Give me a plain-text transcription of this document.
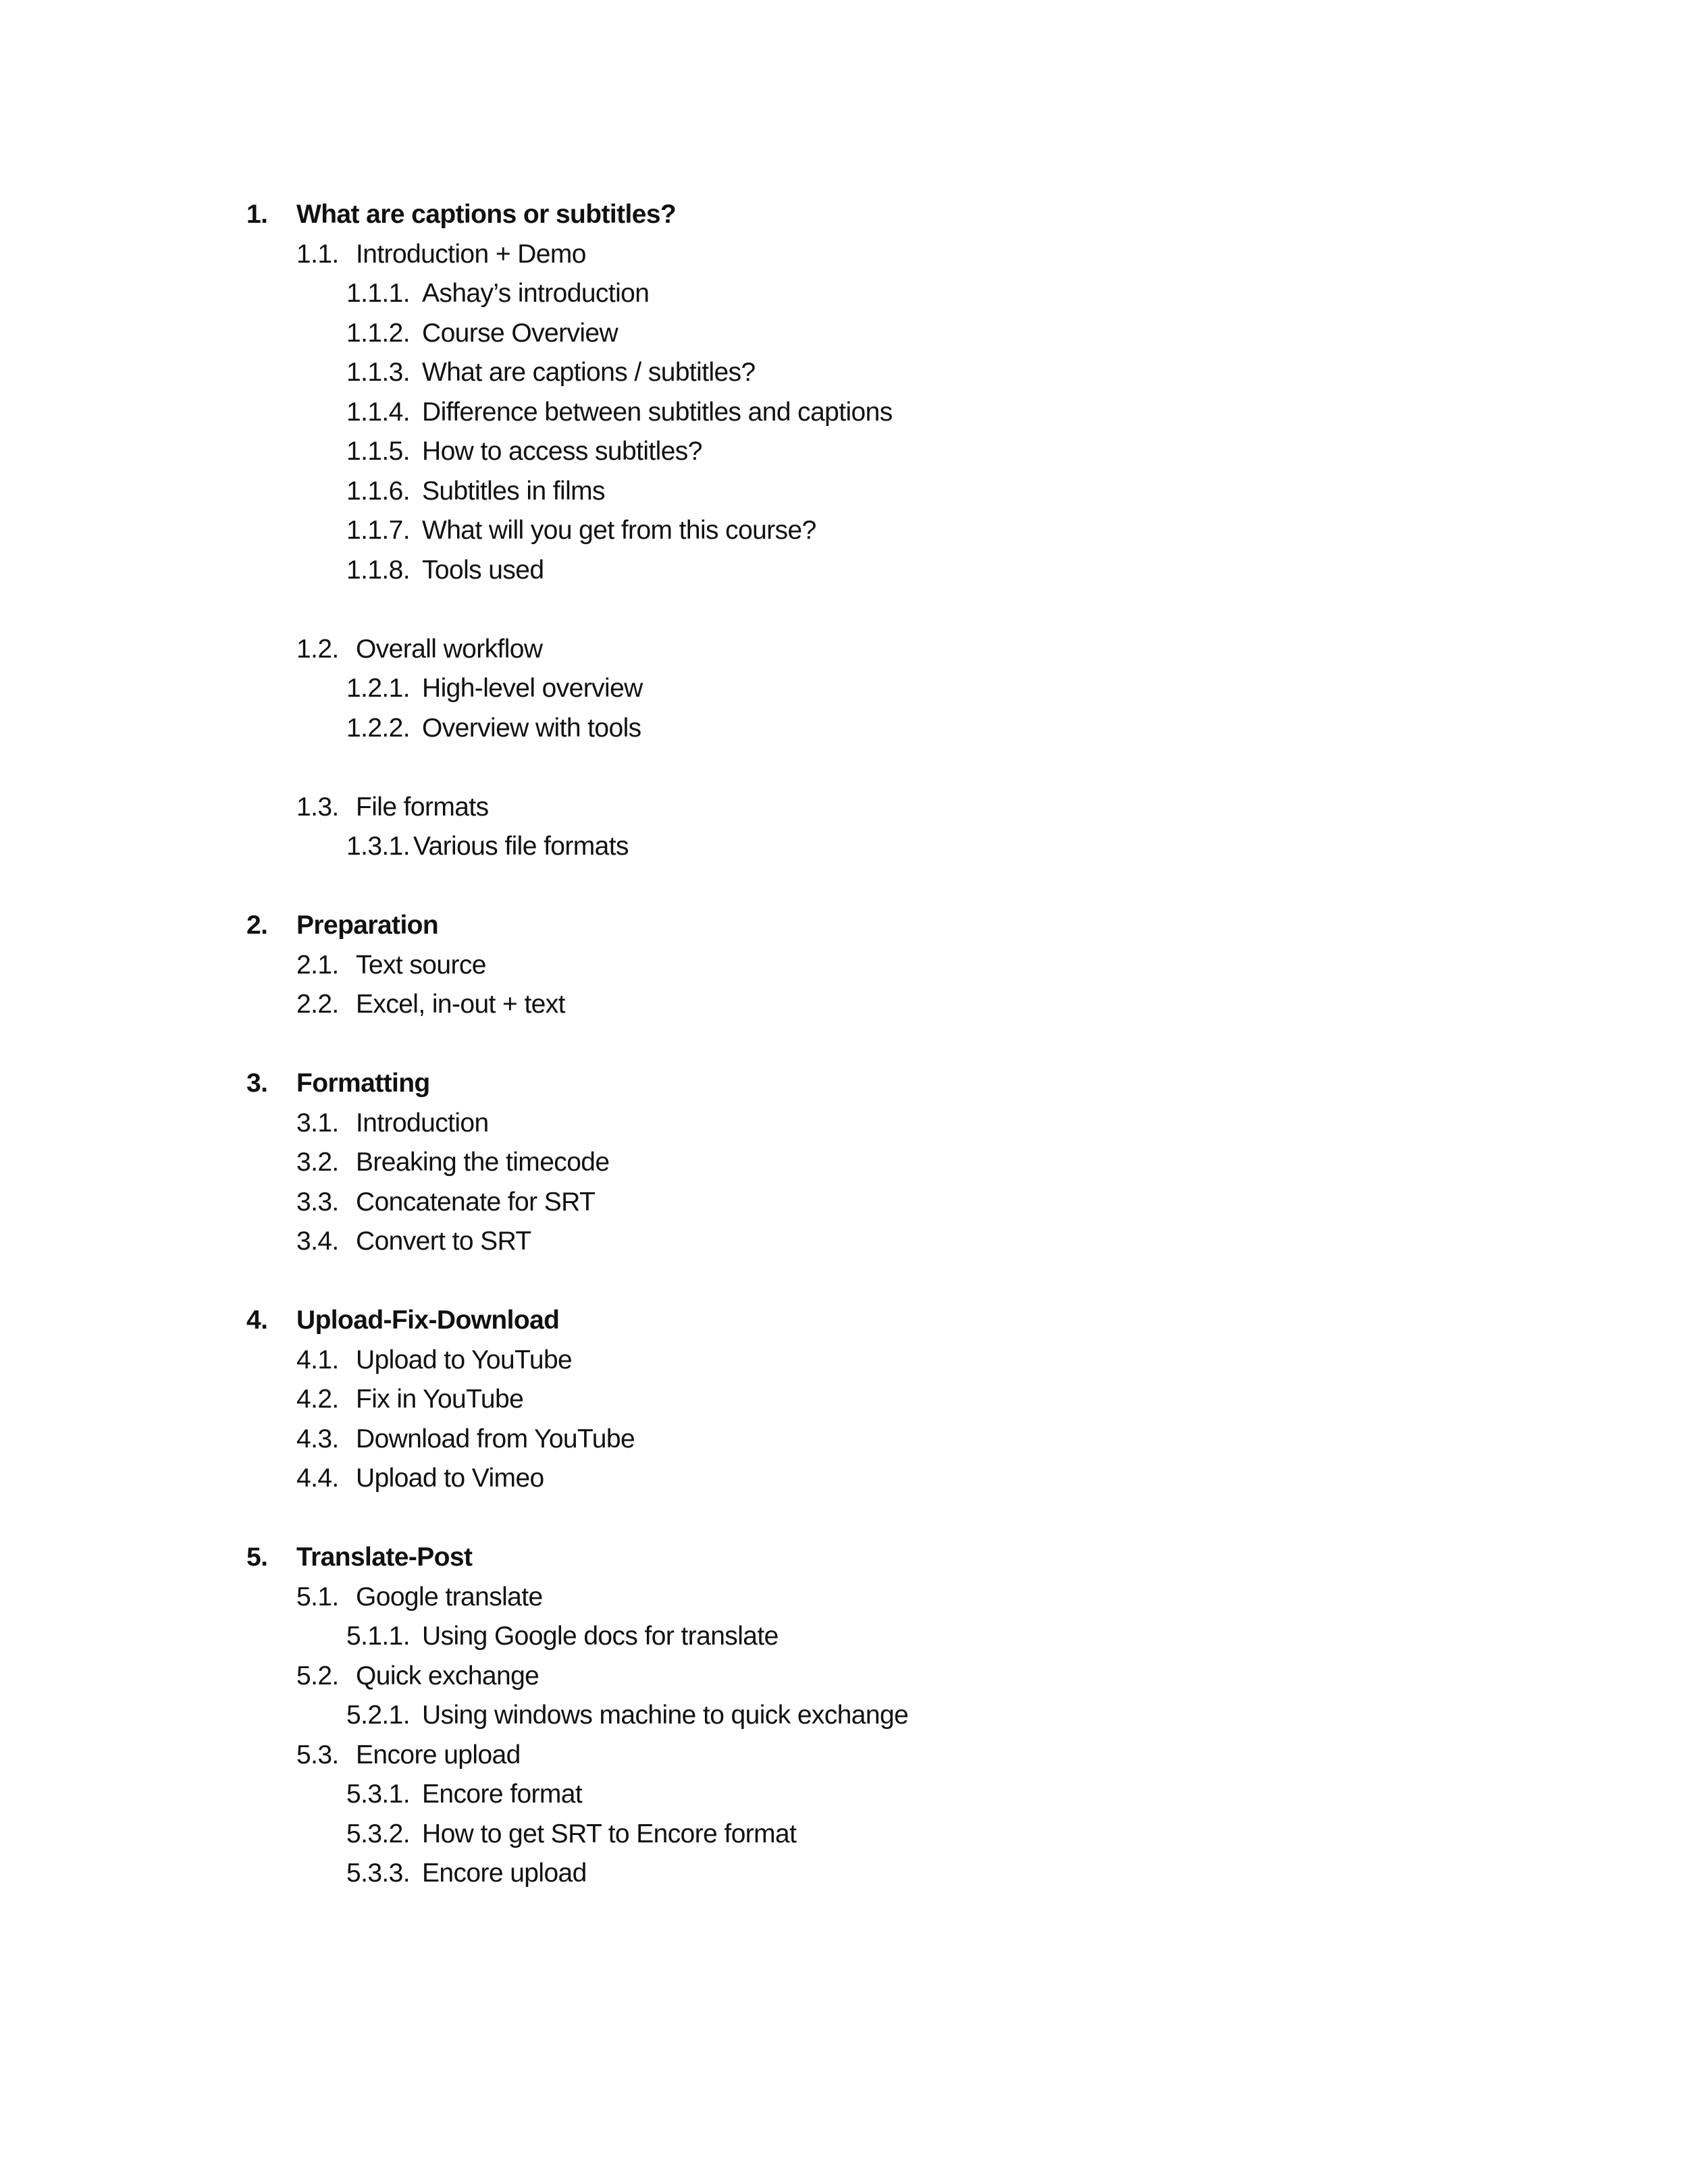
1. What are captions or subtitles?
1.1. Introduction + Demo
1.1.1. Ashay’s introduction
1.1.2. Course Overview
1.1.3. What are captions / subtitles?
1.1.4. Difference between subtitles and captions
1.1.5. How to access subtitles?
1.1.6. Subtitles in films
1.1.7. What will you get from this course?
1.1.8. Tools used
1.2. Overall workflow
1.2.1. High-level overview
1.2.2. Overview with tools
1.3. File formats
1.3.1. Various file formats
2. Preparation
2.1. Text source
2.2. Excel, in-out + text
3. Formatting
3.1. Introduction
3.2. Breaking the timecode
3.3. Concatenate for SRT
3.4. Convert to SRT
4. Upload-Fix-Download
4.1. Upload to YouTube
4.2. Fix in YouTube
4.3. Download from YouTube
4.4. Upload to Vimeo
5. Translate-Post
5.1. Google translate
5.1.1. Using Google docs for translate
5.2. Quick exchange
5.2.1. Using windows machine to quick exchange
5.3. Encore upload
5.3.1. Encore format
5.3.2. How to get SRT to Encore format
5.3.3. Encore upload
